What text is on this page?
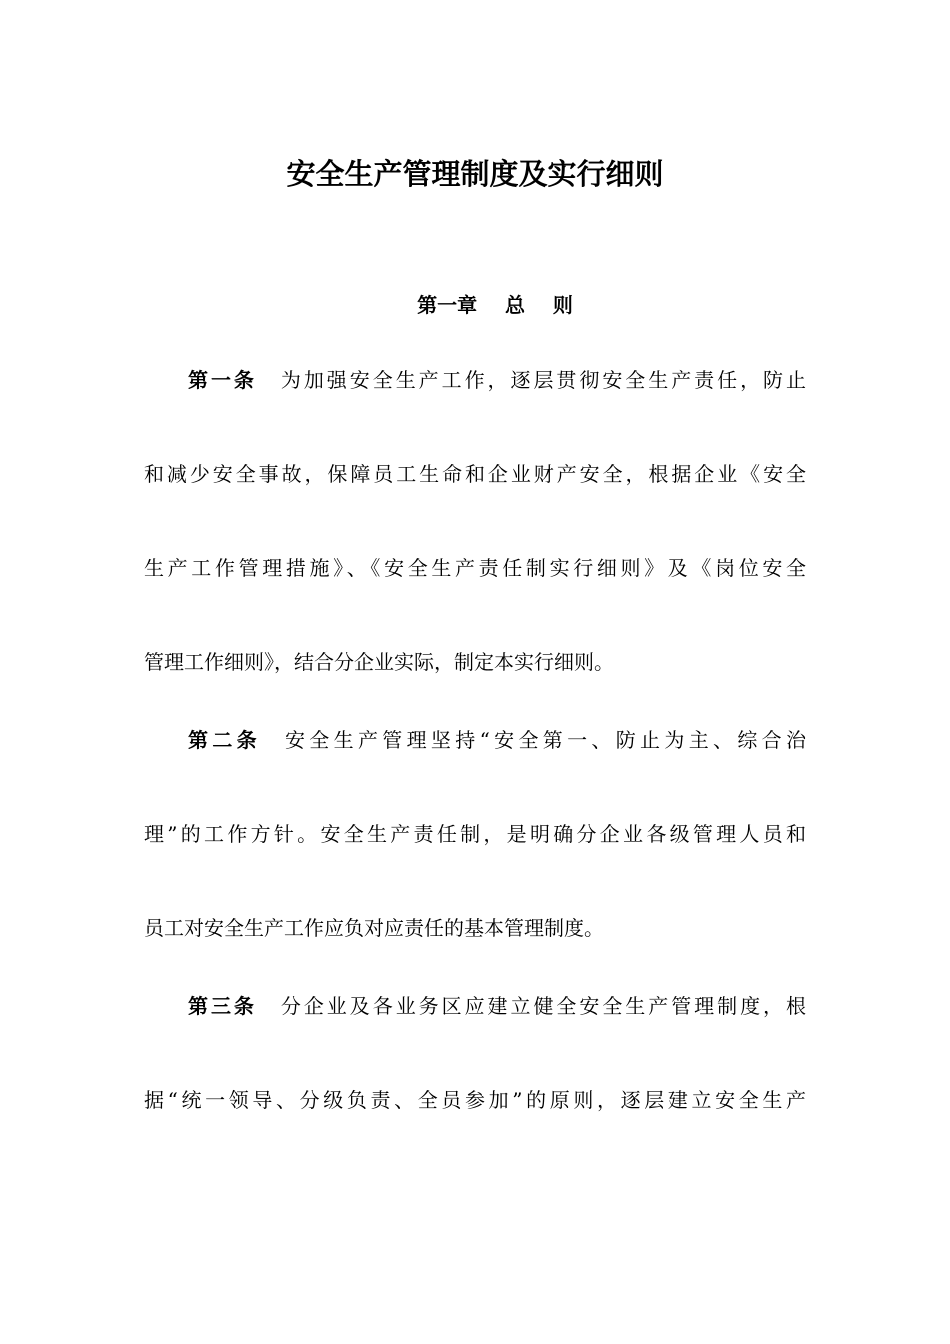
安全生产管理制度及实行细则
第一章    总    则
第一条 为加强安全生产工作，逐层贯彻安全生产责任，防止
和减少安全事故，保障员工生命和企业财产安全，根据企业《安全
生产工作管理措施》、《安全生产责任制实行细则》及《岗位安全
管理工作细则》，结合分企业实际，制定本实行细则。
第二条 安全生产管理坚持“安全第一、防止为主、综合治
理”的工作方针。安全生产责任制，是明确分企业各级管理人员和
员工对安全生产工作应负对应责任的基本管理制度。
第三条 分企业及各业务区应建立健全安全生产管理制度，根
据“统一领导、分级负责、全员参加”的原则，逐层建立安全生产
